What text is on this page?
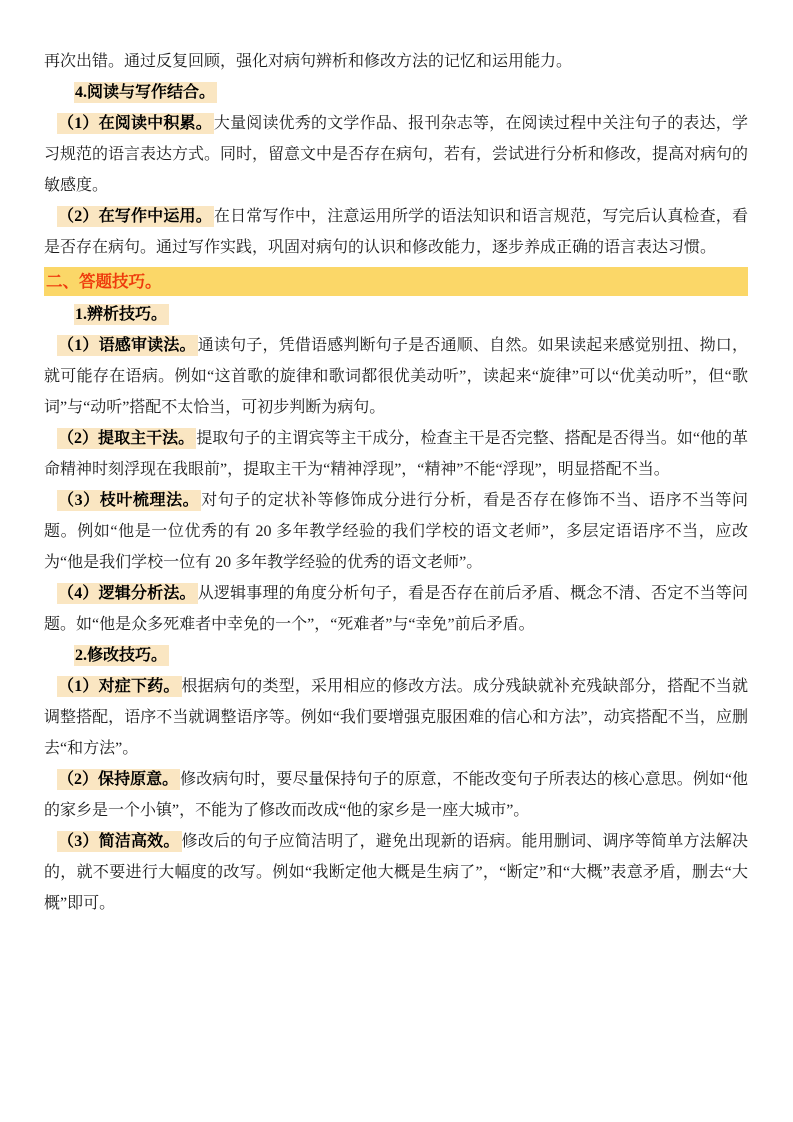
再次出错。通过反复回顾，强化对病句辨析和修改方法的记忆和运用能力。

4.阅读与写作结合。

（1）在阅读中积累。 大量阅读优秀的文学作品、报刊杂志等，在阅读过程中关注句子的表达，学习规范的语言表达方式。同时，留意文中是否存在病句，若有，尝试进行分析和修改，提高对病句的敏感度。

（2）在写作中运用。 在日常写作中，注意运用所学的语法知识和语言规范，写完后认真检查，看是否存在病句。通过写作实践，巩固对病句的认识和修改能力，逐步养成正确的语言表达习惯。

二、答题技巧。

1.辨析技巧。

（1）语感审读法。 通读句子，凭借语感判断句子是否通顺、自然。如果读起来感觉别扭、拗口，就可能存在语病。例如“这首歌的旋律和歌词都很优美动听”，读起来“旋律”可以“优美动听”，但“歌词”与“动听”搭配不太恰当，可初步判断为病句。

（2）提取主干法。 提取句子的主谓宾等主干成分，检查主干是否完整、搭配是否得当。如“他的革命精神时刻浮现在我眼前”，提取主干为“精神浮现”，“精神”不能“浮现”，明显搭配不当。

（3）枝叶梳理法。 对句子的定状补等修饰成分进行分析，看是否存在修饰不当、语序不当等问题。例如“他是一位优秀的有 20 多年教学经验的我们学校的语文老师”，多层定语语序不当，应改为“他是我们学校一位有 20 多年教学经验的优秀的语文老师”。

（4）逻辑分析法。 从逻辑事理的角度分析句子，看是否存在前后矛盾、概念不清、否定不当等问题。如“他是众多死难者中幸免的一个”，“死难者”与“幸免”前后矛盾。

2.修改技巧。

（1）对症下药。 根据病句的类型，采用相应的修改方法。成分残缺就补充残缺部分，搭配不当就调整搭配，语序不当就调整语序等。例如“我们要增强克服困难的信心和方法”，动宾搭配不当，应删去“和方法”。

（2）保持原意。 修改病句时，要尽量保持句子的原意，不能改变句子所表达的核心意思。例如“他的家乡是一个小镇”，不能为了修改而改成“他的家乡是一座大城市”。

（3）简洁高效。 修改后的句子应简洁明了，避免出现新的语病。能用删词、调序等简单方法解决的，就不要进行大幅度的改写。例如“我断定他大概是生病了”，“断定”和“大概”表意矛盾，删去“大概”即可。
